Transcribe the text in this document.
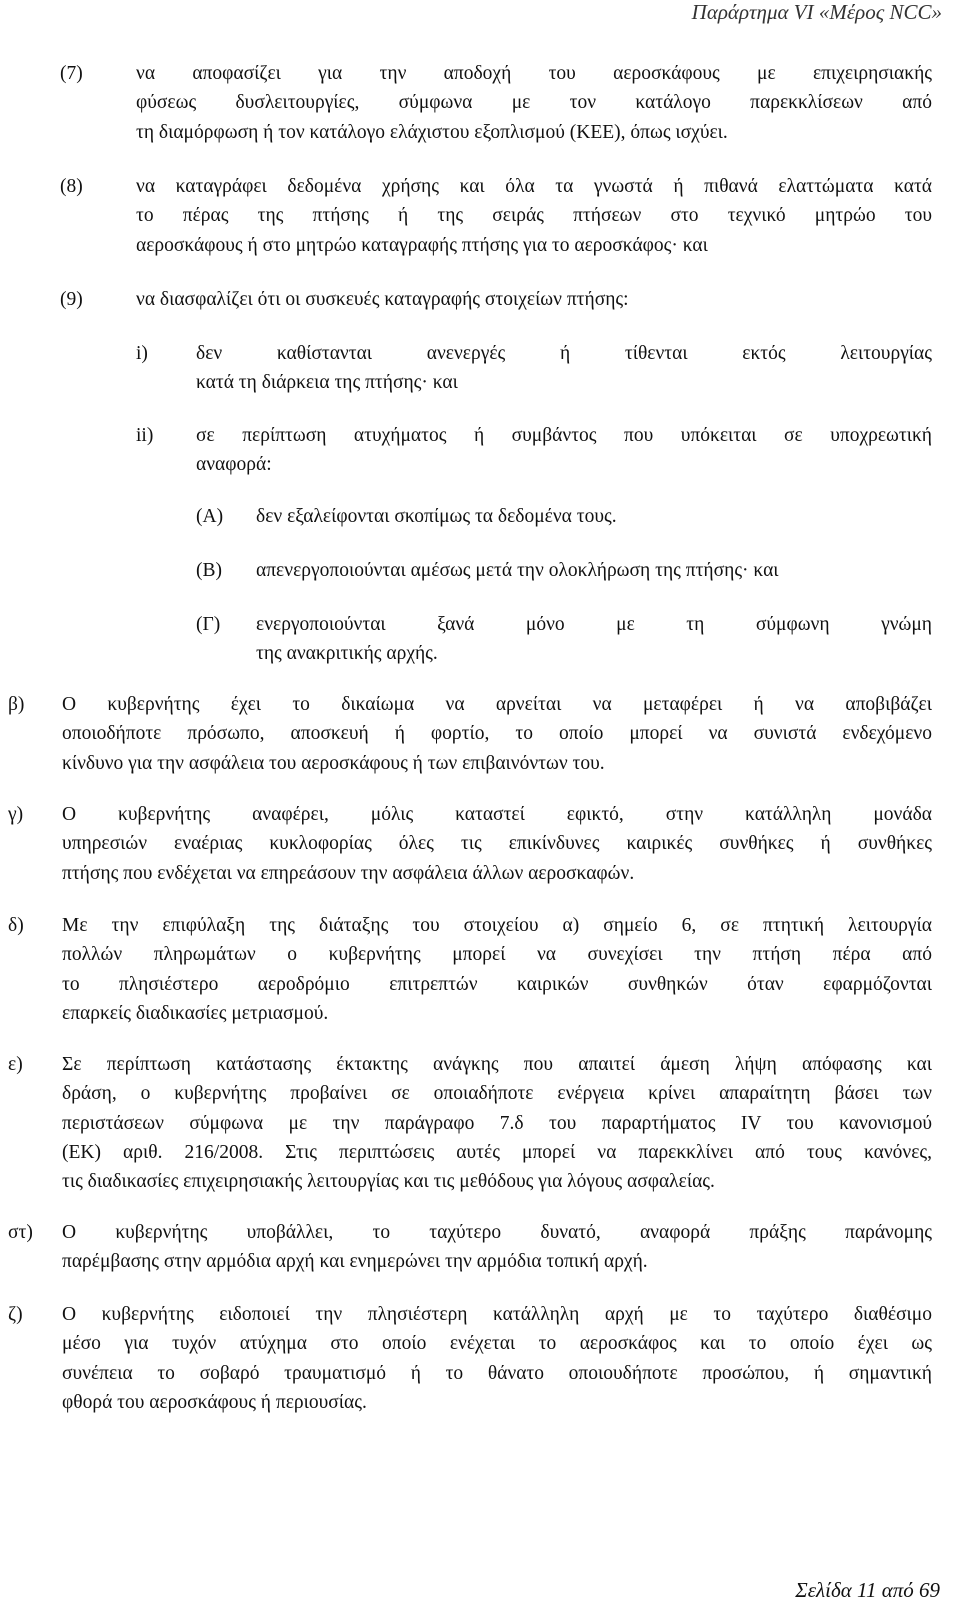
Παράρτημα VI «Μέρος NCC»
(7)	να αποφασίζει για την αποδοχή του αεροσκάφους με επιχειρησιακής
φύσεως δυσλειτουργίες, σύμφωνα με τον κατάλογο παρεκκλίσεων από
τη διαμόρφωση ή τον κατάλογο ελάχιστου εξοπλισμού (ΚΕΕ), όπως ισχύει.
(8)	να καταγράφει δεδομένα χρήσης και όλα τα γνωστά ή πιθανά ελαττώματα κατά
το πέρας της πτήσης ή της σειράς πτήσεων στο τεχνικό μητρώο του
αεροσκάφους ή στο μητρώο καταγραφής πτήσης για το αεροσκάφος· και
(9)	να διασφαλίζει ότι οι συσκευές καταγραφής στοιχείων πτήσης:
i) δεν καθίστανται ανενεργές ή τίθενται εκτός λειτουργίας
κατά τη διάρκεια της πτήσης· και
ii) σε περίπτωση ατυχήματος ή συμβάντος που υπόκειται σε υποχρεωτική
αναφορά:
(Α) δεν εξαλείφονται σκοπίμως τα δεδομένα τους.
(Β) απενεργοποιούνται αμέσως μετά την ολοκλήρωση της πτήσης· και
(Γ) ενεργοποιούνται ξανά μόνο με τη σύμφωνη γνώμη
της ανακριτικής αρχής.
β) Ο κυβερνήτης έχει το δικαίωμα να αρνείται να μεταφέρει ή να αποβιβάζει
οποιοδήποτε πρόσωπο, αποσκευή ή φορτίο, το οποίο μπορεί να συνιστά ενδεχόμενο
κίνδυνο για την ασφάλεια του αεροσκάφους ή των επιβαινόντων του.
γ) Ο κυβερνήτης αναφέρει, μόλις καταστεί εφικτό, στην κατάλληλη μονάδα
υπηρεσιών εναέριας κυκλοφορίας όλες τις επικίνδυνες καιρικές συνθήκες ή συνθήκες
πτήσης που ενδέχεται να επηρεάσουν την ασφάλεια άλλων αεροσκαφών.
δ) Με την επιφύλαξη της διάταξης του στοιχείου α) σημείο 6, σε πτητική λειτουργία
πολλών πληρωμάτων ο κυβερνήτης μπορεί να συνεχίσει την πτήση πέρα από
το πλησιέστερο αεροδρόμιο επιτρεπτών καιρικών συνθηκών όταν εφαρμόζονται
επαρκείς διαδικασίες μετριασμού.
ε) Σε περίπτωση κατάστασης έκτακτης ανάγκης που απαιτεί άμεση λήψη απόφασης και
δράση, ο κυβερνήτης προβαίνει σε οποιαδήποτε ενέργεια κρίνει απαραίτητη βάσει των
περιστάσεων σύμφωνα με την παράγραφο 7.δ του παραρτήματος IV του κανονισμού
(ΕΚ) αριθ. 216/2008. Στις περιπτώσεις αυτές μπορεί να παρεκκλίνει από τους κανόνες,
τις διαδικασίες επιχειρησιακής λειτουργίας και τις μεθόδους για λόγους ασφαλείας.
στ) Ο κυβερνήτης υποβάλλει, το ταχύτερο δυνατό, αναφορά πράξης παράνομης
παρέμβασης στην αρμόδια αρχή και ενημερώνει την αρμόδια τοπική αρχή.
ζ) Ο κυβερνήτης ειδοποιεί την πλησιέστερη κατάλληλη αρχή με το ταχύτερο διαθέσιμο
μέσο για τυχόν ατύχημα στο οποίο ενέχεται το αεροσκάφος και το οποίο έχει ως
συνέπεια το σοβαρό τραυματισμό ή το θάνατο οποιουδήποτε προσώπου, ή σημαντική
φθορά του αεροσκάφους ή περιουσίας.
Σελίδα 11 από 69
